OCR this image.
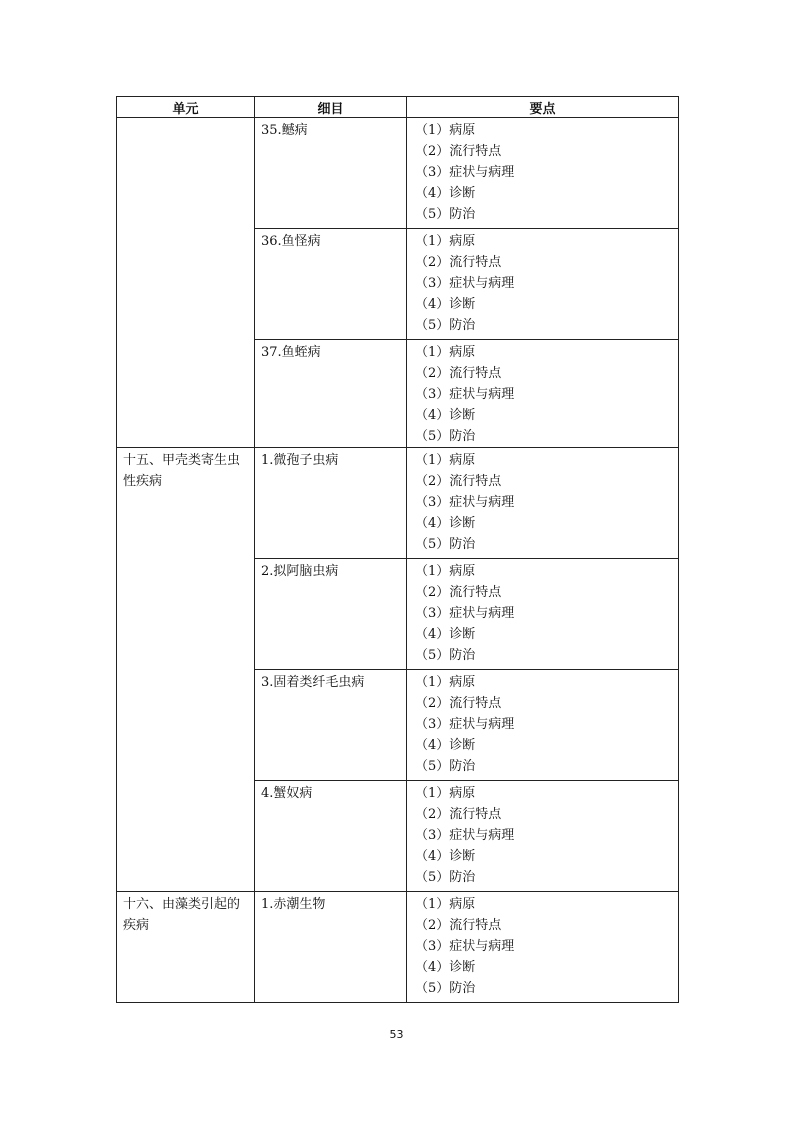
单元	细目	要点

	35.鳡病	（1）病原
（2）流行特点
（3）症状与病理
（4）诊断
（5）防治

	36.鱼怪病	（1）病原
（2）流行特点
（3）症状与病理
（4）诊断
（5）防治

	37.鱼蛭病	（1）病原
（2）流行特点
（3）症状与病理
（4）诊断
（5）防治

十五、甲壳类寄生虫性疾病	1.微孢子虫病	（1）病原
（2）流行特点
（3）症状与病理
（4）诊断
（5）防治

	2.拟阿脑虫病	（1）病原
（2）流行特点
（3）症状与病理
（4）诊断
（5）防治

	3.固着类纤毛虫病	（1）病原
（2）流行特点
（3）症状与病理
（4）诊断
（5）防治

	4.蟹奴病	（1）病原
（2）流行特点
（3）症状与病理
（4）诊断
（5）防治

十六、由藻类引起的疾病	1.赤潮生物	（1）病原
（2）流行特点
（3）症状与病理
（4）诊断
（5）防治
53
